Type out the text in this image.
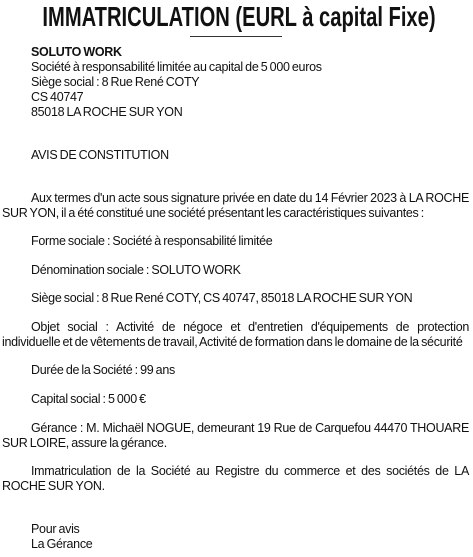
IMMATRICULATION (EURL à capital Fixe)
SOLUTO WORK
Société à responsabilité limitée au capital de 5 000 euros
Siège social : 8 Rue René COTY
CS 40747
85018 LA ROCHE SUR YON
AVIS DE CONSTITUTION

Aux termes d'un acte sous signature privée en date du 14 Février 2023 à LA ROCHE SUR YON, il a été constitué une société présentant les caractéristiques suivantes :

Forme sociale : Société à responsabilité limitée

Dénomination sociale : SOLUTO WORK

Siège social : 8 Rue René COTY, CS 40747, 85018 LA ROCHE SUR YON

Objet social : Activité de négoce et d'entretien d'équipements de protection individuelle et de vêtements de travail, Activité de formation dans le domaine de la sécurité

Durée de la Société : 99 ans

Capital social : 5 000 €

Gérance : M. Michaël NOGUE, demeurant 19 Rue de Carquefou 44470 THOUARE SUR LOIRE, assure la gérance.

Immatriculation de la Société au Registre du commerce et des sociétés de LA ROCHE SUR YON.

Pour avis
La Gérance
